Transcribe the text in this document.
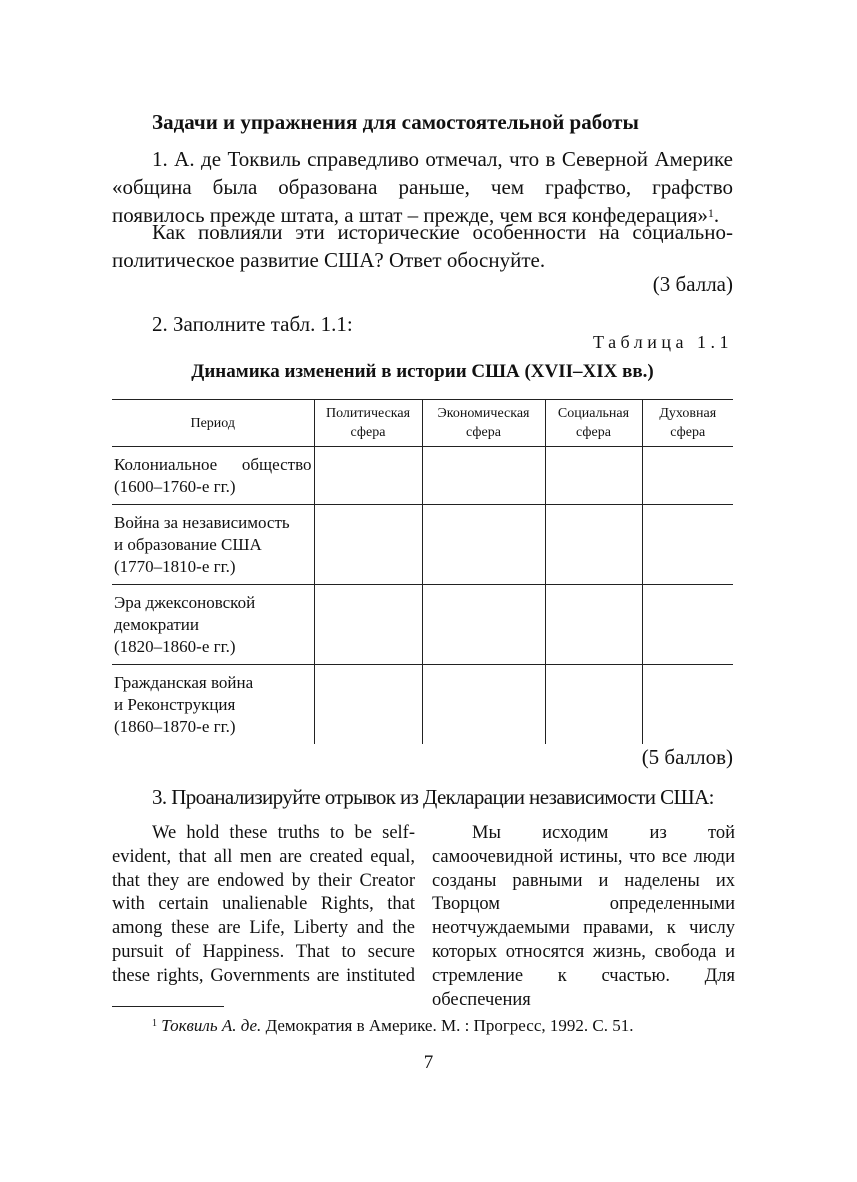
Задачи и упражнения для самостоятельной работы
1. А. де Токвиль справедливо отмечал, что в Северной Америке «община была образована раньше, чем графство, графство появилось прежде штата, а штат – прежде, чем вся конфедерация»$^1$.
Как повлияли эти исторические особенности на социально-политическое развитие США? Ответ обоснуйте.
(3 балла)
2. Заполните табл. 1.1:
Таблица 1.1
Динамика изменений в истории США (XVII–XIX вв.)
Период	Политическая сфера	Экономическая сфера	Социальная сфера	Духовная сфера

Колониальное общество
(1600–1760-е гг.)				

Война за независимость
и образование США
(1770–1810-е гг.)				

Эра джексоновской
демократии
(1820–1860-е гг.)				

Гражданская война
и Реконструкция
(1860–1870-е гг.)				

(5 баллов)
3. Проанализируйте отрывок из Декларации независимости США:
We hold these truths to be self-evident, that all men are created equal, that they are endowed by their Creator with certain unalienable Rights, that among these are Life, Liberty and the pursuit of Happiness. That to secure these rights, Governments are instituted
Мы исходим из той самоочевидной истины, что все люди созданы равными и наделены их Творцом определенными неотчуждаемыми правами, к числу которых относятся жизнь, свобода и стремление к счастью. Для обеспечения
$^1$ Токвиль А. де. Демократия в Америке. М. : Прогресс, 1992. С. 51.
7
